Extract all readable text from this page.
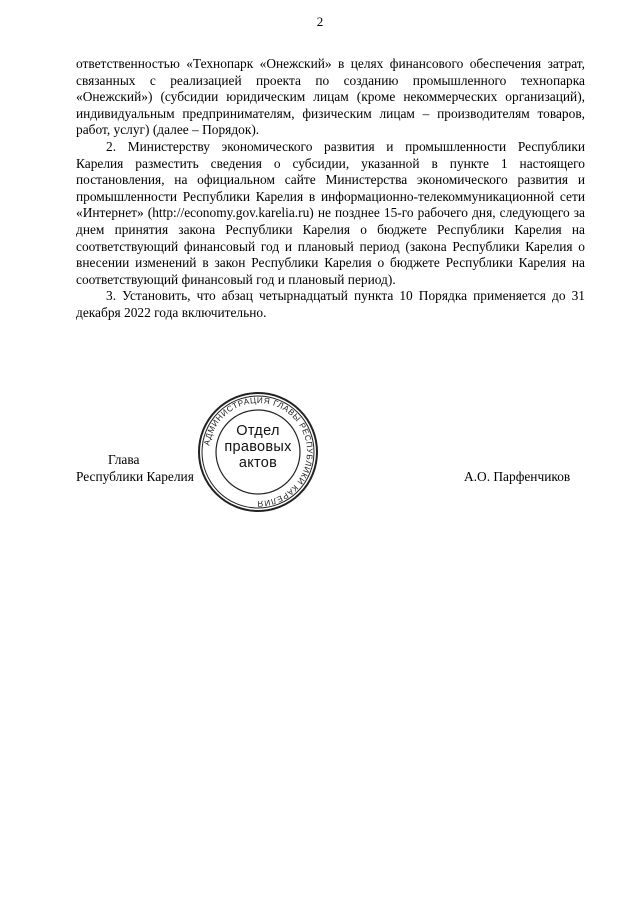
2

ответственностью «Технопарк «Онежский» в целях финансового обеспечения затрат, связанных с реализацией проекта по созданию промышленного технопарка «Онежский») (субсидии юридическим лицам (кроме некоммерческих организаций), индивидуальным предпринимателям, физическим лицам – производителям товаров, работ, услуг) (далее – Порядок).

2. Министерству экономического развития и промышленности Республики Карелия разместить сведения о субсидии, указанной в пункте 1 настоящего постановления, на официальном сайте Министерства экономического развития и промышленности Республики Карелия в информационно-телекоммуникационной сети «Интернет» (http://economy.gov.karelia.ru) не позднее 15-го рабочего дня, следующего за днем принятия закона Республики Карелия о бюджете Республики Карелия на соответствующий финансовый год и плановый период (закона Республики Карелия о внесении изменений в закон Республики Карелия о бюджете Республики Карелия на соответствующий финансовый год и плановый период).

3. Установить, что абзац четырнадцатый пункта 10 Порядка применяется до 31 декабря 2022 года включительно.

Глава
Республики Карелия	А.О. Парфенчиков
АДМИНИСТРАЦИЯ ГЛАВЫ РЕСПУБЛИКИ КАРЕЛИЯ
Отдел
правовых
актов
